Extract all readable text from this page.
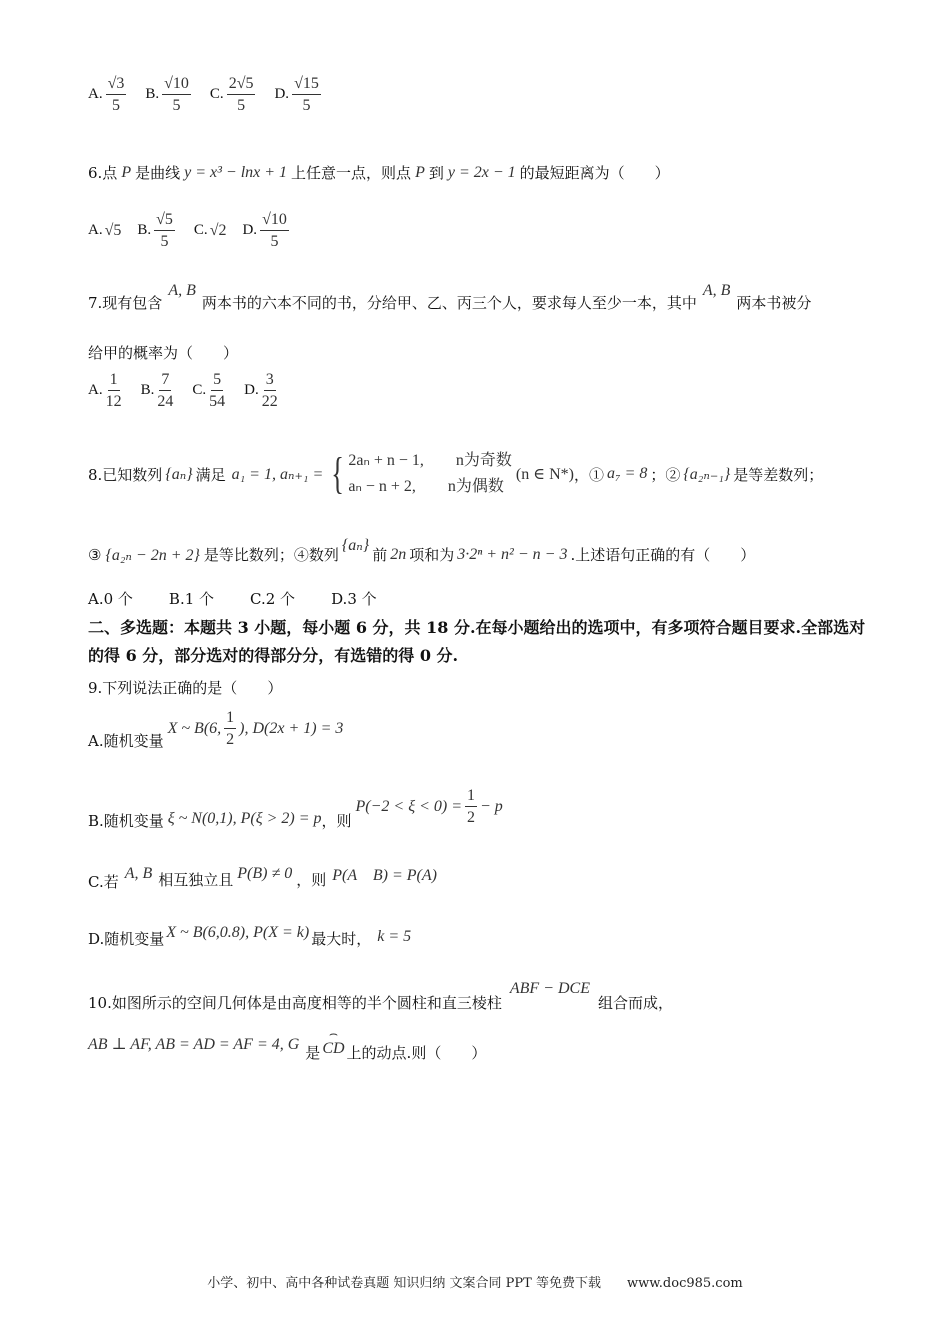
A. $\frac{√3}{5} B$. $\frac{√10}{5} C$. $\frac{2√5}{5} D$. $\frac{√15}{5}$
6.点 P 是曲线 y = x³ − lnx + 1 上任意一点，则点 P 到 y = 2x − 1 的最短距离为（　　）
A. √5 B. $\frac{√5}{5} C$. √2 D. $\frac{√10}{5}$
7.现有包含
A, B
两本书的六本不同的书，分给甲、乙、丙三个人，要求每人至少一本，其中
A, B
两本书被分
给甲的概率为（　　）
A. $\frac{1}{12} B$. $\frac{7}{24} C$. $\frac{5}{54} D$. $\frac{3}{22}$
8.已知数列 {aₙ} 满足 a₁ = 1, aₙ₊₁ = { 2aₙ + n − 1,　　n为奇数
aₙ − n + 2,　　n为偶数
(n ∈ N*) ，① a₇ = 8 ；② {a₂ₙ₋₁} 是等差数列；
③ {a₂ₙ − 2n + 2} 是等比数列；④数列
{aₙ}
前 2n 项和为 3·2ⁿ + n² − n − 3 .上述语句正确的有（　　）
A.0 个 B.1 个 C.2 个 D.3 个
二、多选题：本题共 3 小题，每小题 6 分，共 18 分.在每小题给出的选项中，有多项符合题目要求.全部选对的得 6 分，部分选对的得部分分，有选错的得 0 分.
9.下列说法正确的是（　　）
A.随机变量
X ~ B(6, $\frac{1}{2}$ ), D(2x + 1) = 3
B.随机变量 ξ ~ N(0,1), P(ξ > 2) = p ，则
$P(-2 < \xi < 0) = \frac{1}{2} - p$
C.若 A, B 相互独立且 P(B) ≠ 0 ，则 P(A　B) = P(A)
D.随机变量 X ~ B(6,0.8), P(X = k) 最大时， k = 5
10.如图所示的空间几何体是由高度相等的半个圆柱和直三棱柱
ABF − DCE
组合而成，
AB ⊥ AF, AB = AD = AF = 4, G 是
⌢
CD 上的动点.则（　　）
小学、初中、高中各种试卷真题 知识归纳 文案合同 PPT 等免费下载　　www.doc985.com
